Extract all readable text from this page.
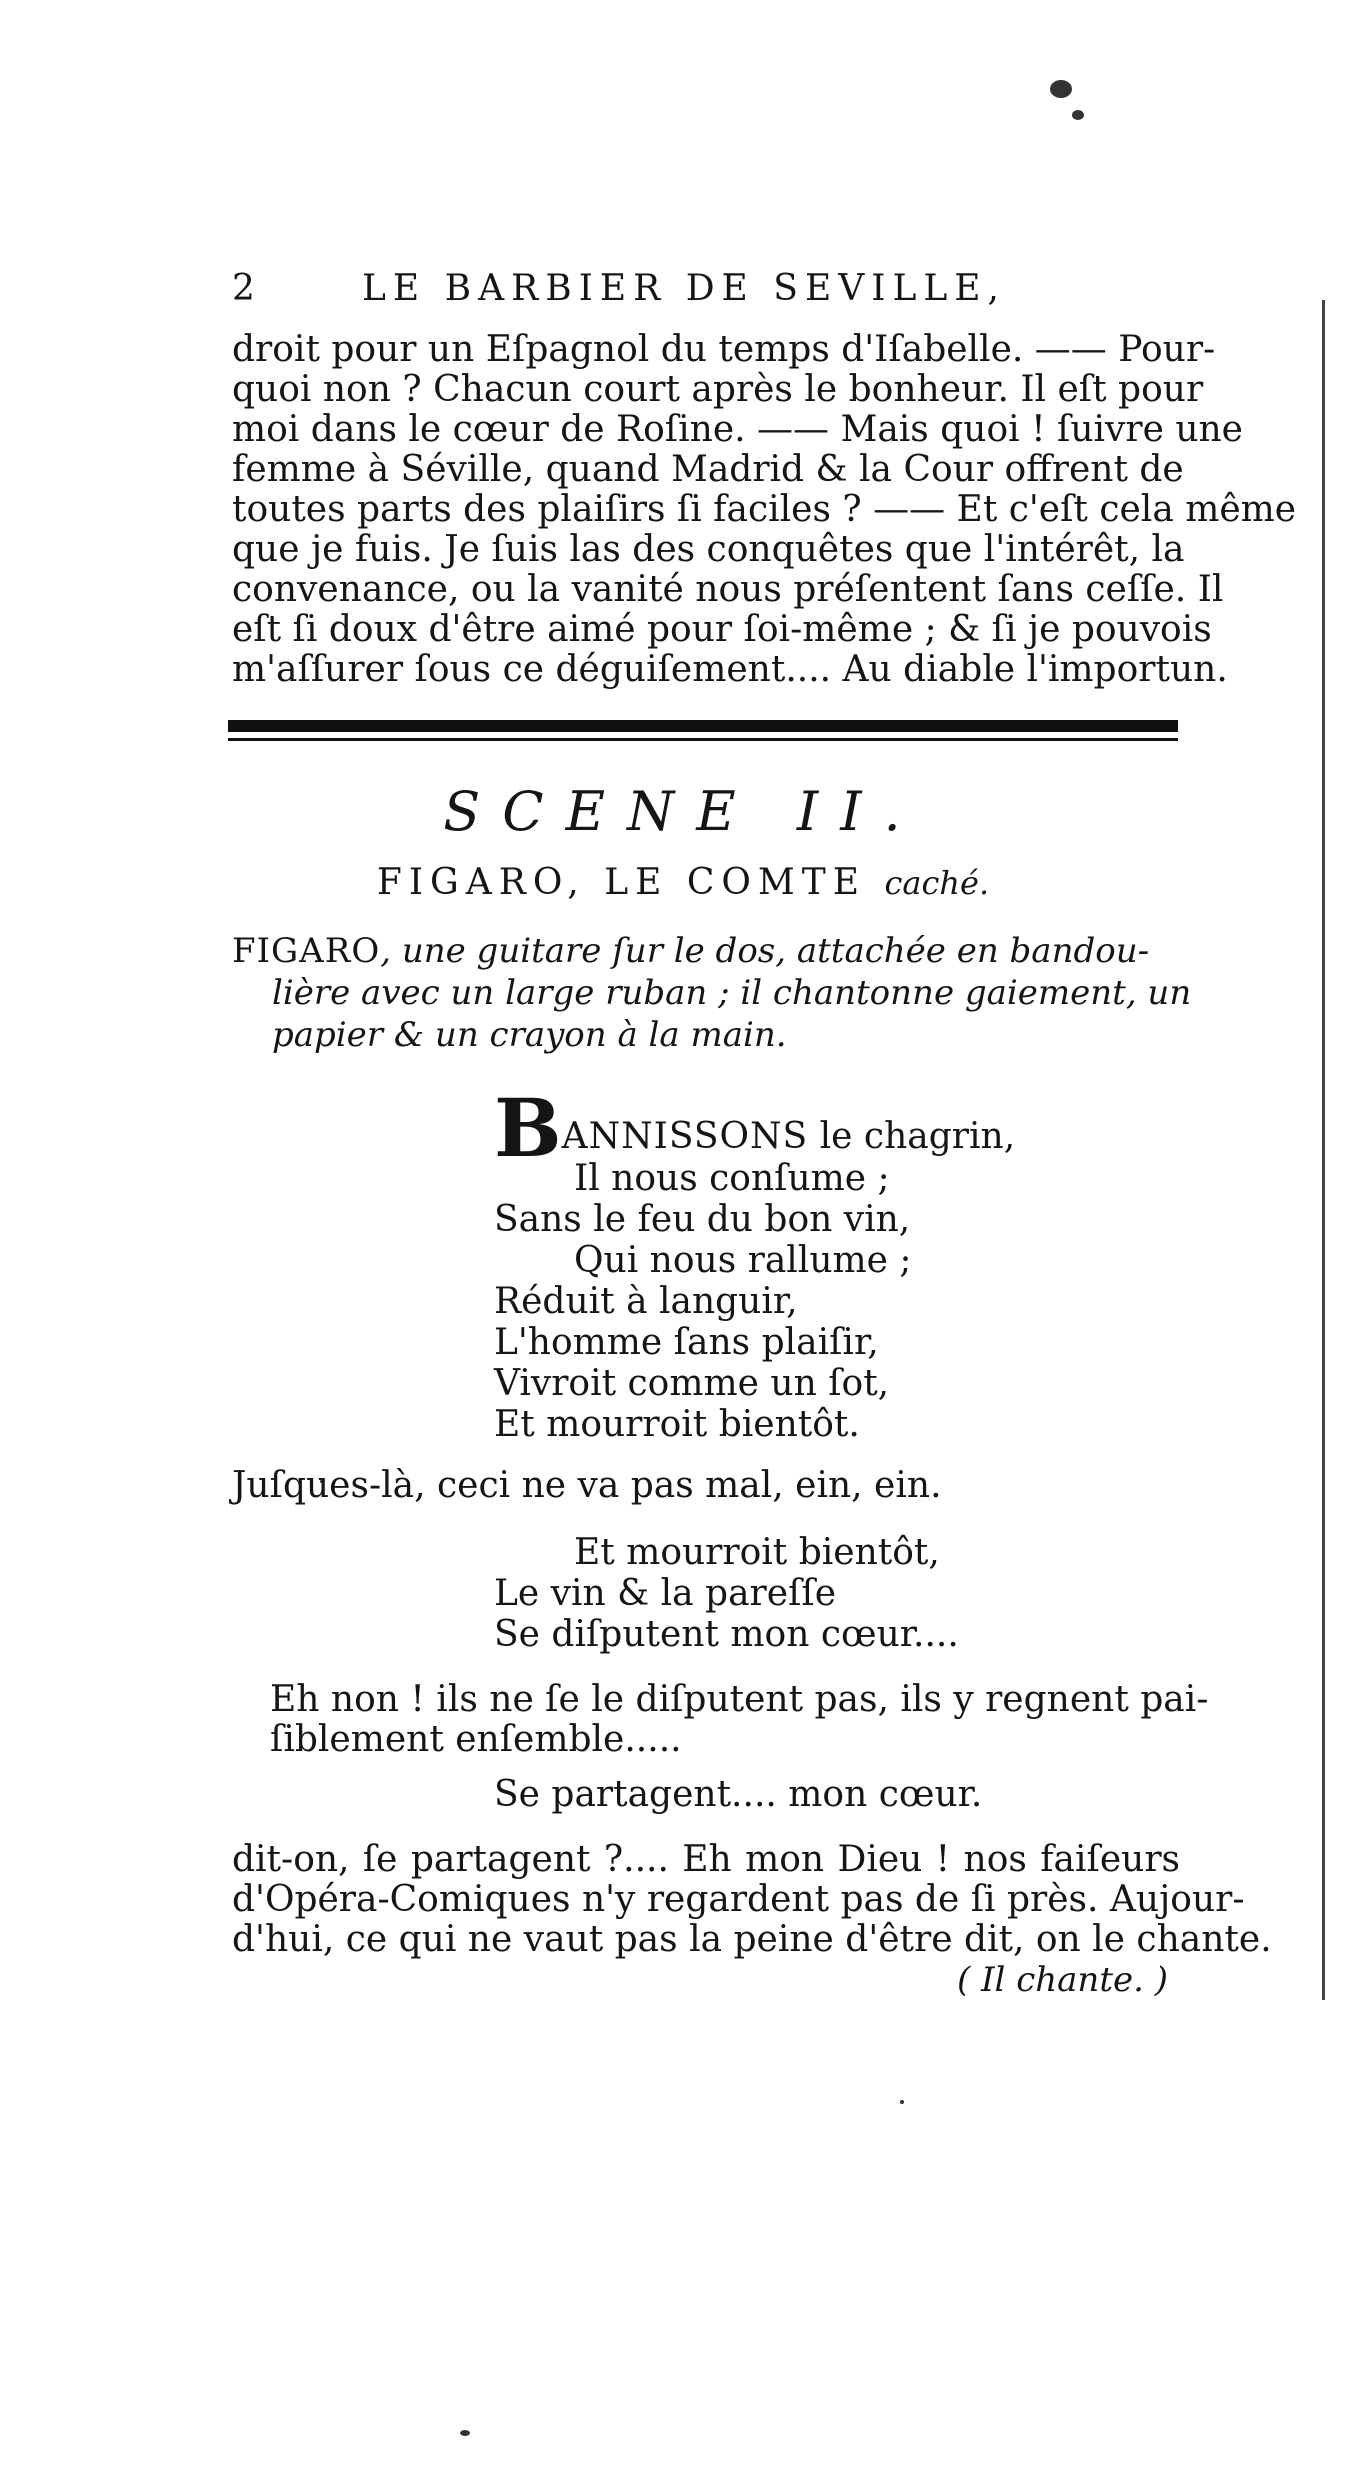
2	LE BARBIER DE SEVILLE,
droit pour un Eſpagnol du temps d'Iſabelle. —— Pour-
quoi non ? Chacun court après le bonheur. Il eſt pour
moi dans le cœur de Roſine. —— Mais quoi ! ſuivre une
femme à Séville, quand Madrid & la Cour offrent de
toutes parts des plaiſirs ſi faciles ? —— Et c'eſt cela même
que je fuis. Je ſuis las des conquêtes que l'intérêt, la
convenance, ou la vanité nous préſentent ſans ceſſe. Il
eſt ſi doux d'être aimé pour ſoi-même ; & ſi je pouvois
m'aſſurer ſous ce déguiſement.... Au diable l'importun.
SCENE II.
FIGARO, LE COMTE caché.
FIGARO, une guitare ſur le dos, attachée en bandou-
lière avec un large ruban ; il chantonne gaiement, un
papier & un crayon à la main.
BANNISSONS le chagrin,
Il nous conſume ;
Sans le feu du bon vin,
Qui nous rallume ;
Réduit à languir,
L'homme ſans plaiſir,
Vivroit comme un ſot,
Et mourroit bientôt.
Juſques-là, ceci ne va pas mal, ein, ein.
Et mourroit bientôt,
Le vin & la pareſſe
Se diſputent mon cœur....
Eh non ! ils ne ſe le diſputent pas, ils y regnent pai-
ſiblement enſemble.....
Se partagent.... mon cœur.
dit-on, ſe partagent ?.... Eh mon Dieu ! nos faiſeurs
d'Opéra-Comiques n'y regardent pas de ſi près. Aujour-
d'hui, ce qui ne vaut pas la peine d'être dit, on le chante.
( Il chante. )
